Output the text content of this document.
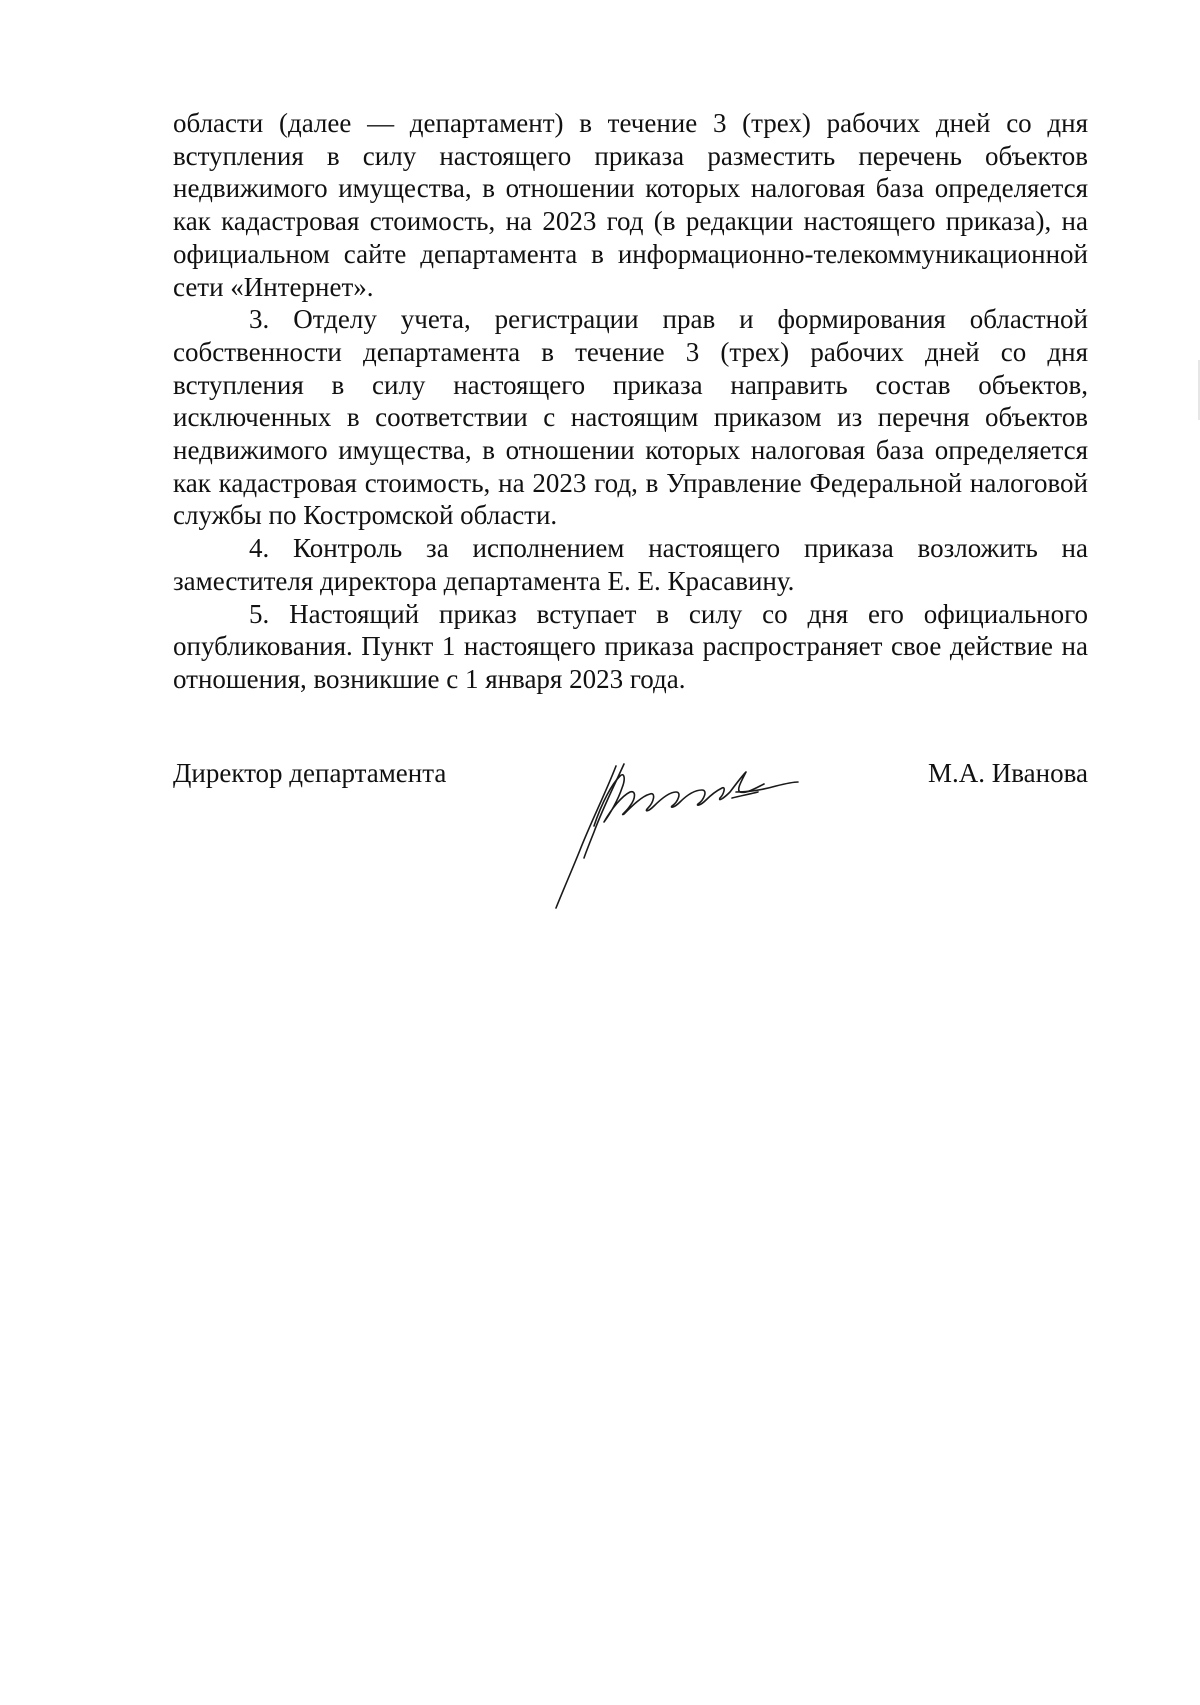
области (далее — департамент) в течение 3 (трех) рабочих дней со дня вступления в силу настоящего приказа разместить перечень объектов недвижимого имущества, в отношении которых налоговая база определяется как кадастровая стоимость, на 2023 год (в редакции настоящего приказа), на официальном сайте департамента в информационно-телекоммуникационной сети «Интернет».

3. Отделу учета, регистрации прав и формирования областной собственности департамента в течение 3 (трех) рабочих дней со дня вступления в силу настоящего приказа направить состав объектов, исключенных в соответствии с настоящим приказом из перечня объектов недвижимого имущества, в отношении которых налоговая база определяется как кадастровая стоимость, на 2023 год, в Управление Федеральной налоговой службы по Костромской области.

4. Контроль за исполнением настоящего приказа возложить на заместителя директора департамента Е. Е. Красавину.

5. Настоящий приказ вступает в силу со дня его официального опубликования. Пункт 1 настоящего приказа распространяет свое действие на отношения, возникшие с 1 января 2023 года.

Директор департамента	М.А. Иванова
